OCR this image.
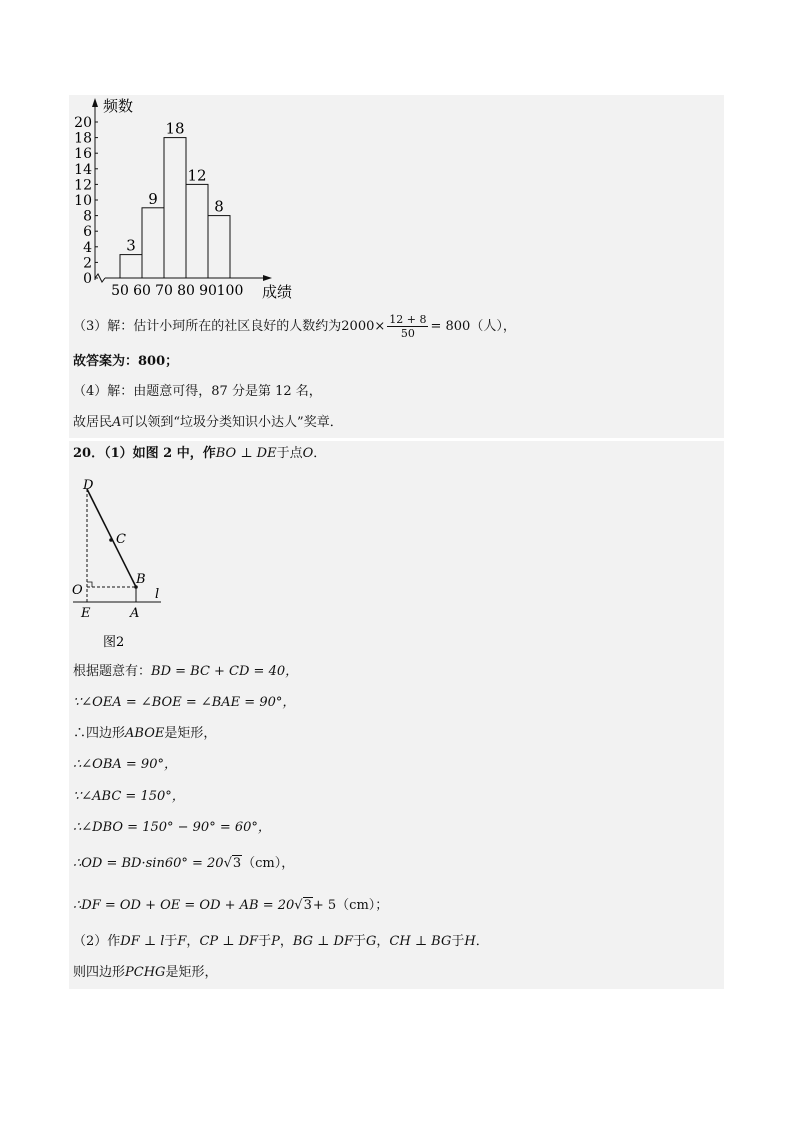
0
2
4
6
8
10
12
14
16
18
20
3
9
18
12
8
50 60 70 80 90 100
频数
成绩
（3）解：估计小珂所在的社区良好的人数约为$2000\times \frac{12 + 8}{50} = 800$（人），
故答案为：800；
（4）解：由题意可得，87 分是第 12 名，
故居民A可以领到“垃圾分类知识小达人”奖章．
20．（1）如图 2 中，作BO ⊥ DE于点O．
D
C
B
O
E	A
l
图2
根据题意有：BD = BC + CD = 40，
∵∠OEA = ∠BOE = ∠BAE = 90°，
∴四边形ABOE是矩形，
∴∠OBA = 90°，
∵∠ABC = 150°，
∴∠DBO = 150° − 90° = 60°，
∴OD = BD·sin60° = 20√3（cm），
∴DF = OD + OE = OD + AB = 20√3+ 5（cm）；
（2）作DF ⊥ l于F，CP ⊥ DF于P，BG ⊥ DF于G，CH ⊥ BG于H．
则四边形PCHG是矩形，
